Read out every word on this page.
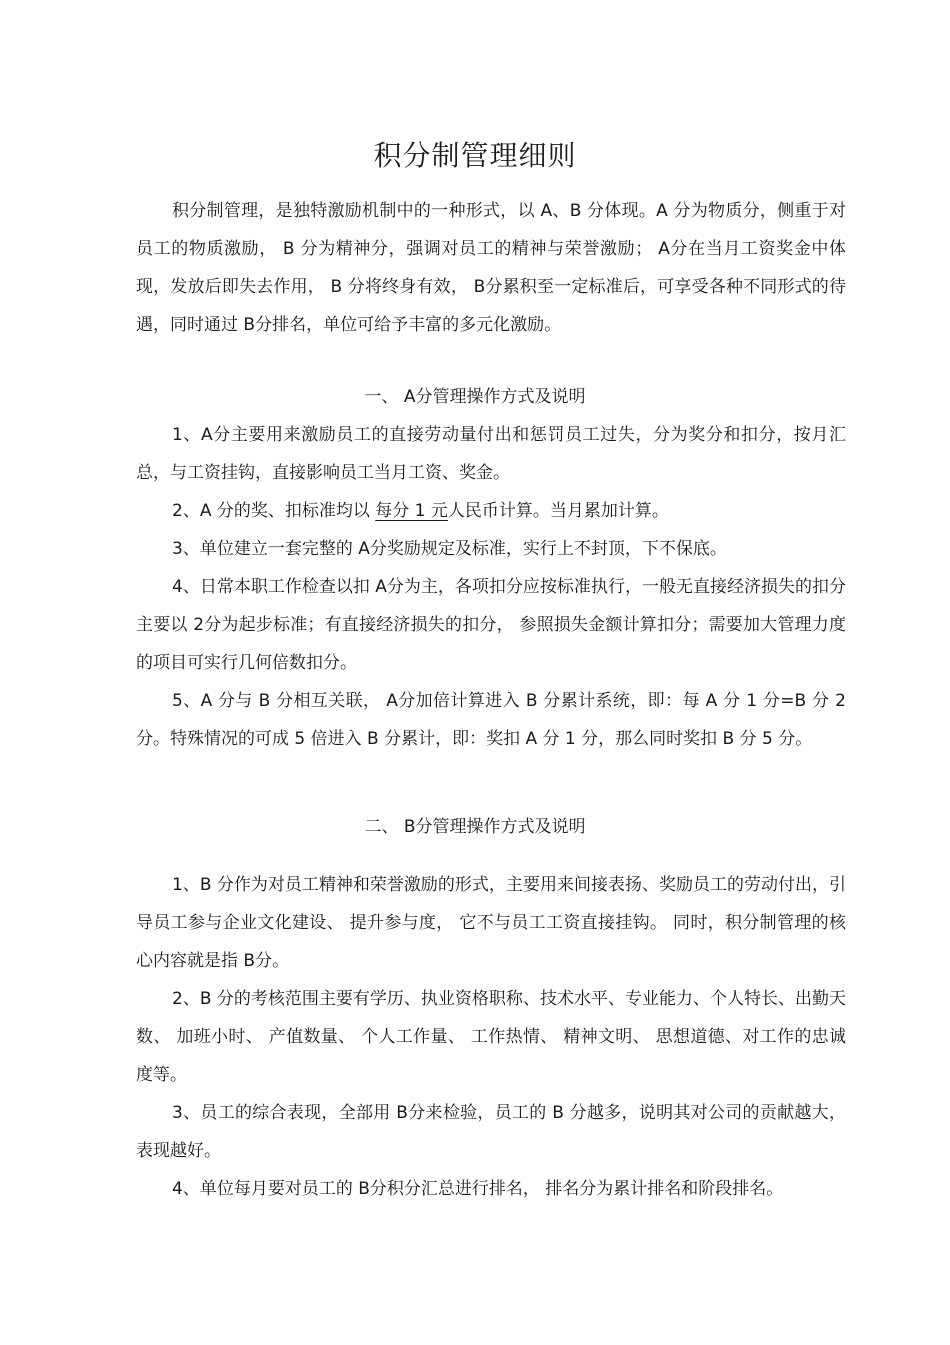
积分制管理细则

积分制管理，是独特激励机制中的一种形式，以 A、B 分体现。A 分为物质分，侧重于对员工的物质激励， B 分为精神分，强调对员工的精神与荣誉激励； A分在当月工资奖金中体现，发放后即失去作用， B 分将终身有效， B分累积至一定标准后，可享受各种不同形式的待遇，同时通过 B分排名，单位可给予丰富的多元化激励。

一、 A分管理操作方式及说明

1、A分主要用来激励员工的直接劳动量付出和惩罚员工过失，分为奖分和扣分，按月汇总，与工资挂钩，直接影响员工当月工资、奖金。

2、A 分的奖、扣标准均以 每分 1 元人民币计算。当月累加计算。

3、单位建立一套完整的 A分奖励规定及标准，实行上不封顶，下不保底。

4、日常本职工作检查以扣 A分为主，各项扣分应按标准执行，一般无直接经济损失的扣分主要以 2分为起步标准；有直接经济损失的扣分， 参照损失金额计算扣分；需要加大管理力度的项目可实行几何倍数扣分。

5、A 分与 B 分相互关联， A分加倍计算进入 B 分累计系统，即：每 A 分 1 分=B 分 2 分。特殊情况的可成 5 倍进入 B 分累计，即：奖扣 A 分 1 分，那么同时奖扣 B 分 5 分。

二、 B分管理操作方式及说明

1、B 分作为对员工精神和荣誉激励的形式，主要用来间接表扬、奖励员工的劳动付出，引导员工参与企业文化建设、 提升参与度， 它不与员工工资直接挂钩。 同时，积分制管理的核心内容就是指 B分。

2、B 分的考核范围主要有学历、执业资格职称、技术水平、专业能力、个人特长、出勤天数、 加班小时、 产值数量、 个人工作量、 工作热情、 精神文明、 思想道德、对工作的忠诚度等。

3、员工的综合表现，全部用 B分来检验，员工的 B 分越多，说明其对公司的贡献越大，表现越好。

4、单位每月要对员工的 B分积分汇总进行排名， 排名分为累计排名和阶段排名。
